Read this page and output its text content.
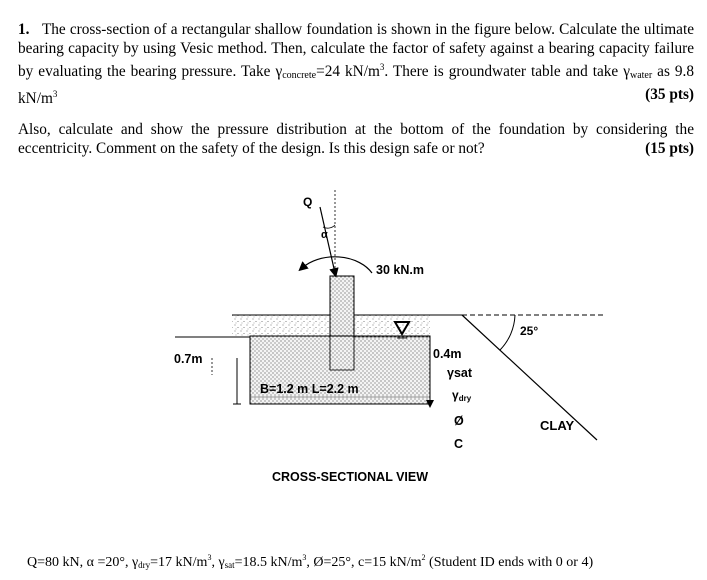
1. The cross-section of a rectangular shallow foundation is shown in the figure below. Calculate the ultimate bearing capacity by using Vesic method. Then, calculate the factor of safety against a bearing capacity failure by evaluating the bearing pressure. Take $\gamma_{concrete}=24$ $kN/m^3$. There is groundwater table and take $\gamma_{water}$ as 9.8 $kN/m^3$	(35 pts)

Also, calculate and show the pressure distribution at the bottom of the foundation by considering the eccentricity. Comment on the safety of the design. Is this design safe or not?	(15 pts)

25°
Q
α
30 kN.m
0.7m
B=1.2 m L=2.2 m
0.4m
γsat
γdry
Ø
C
CLAY
CROSS-SECTIONAL VIEW
Q=80 kN, α =20°, $\gamma_{dry}=17$ $kN/m^3$, $\gamma_{sat}=18.5$ $kN/m^3$, Ø=25°, c=15 $kN/m^2$ (Student ID ends with 0 or 4)
